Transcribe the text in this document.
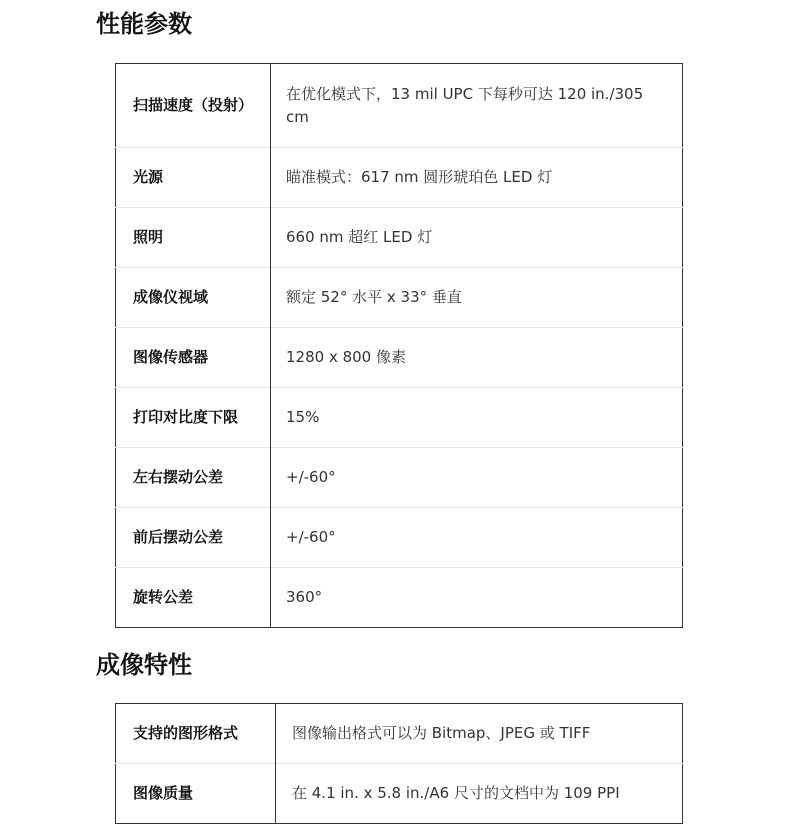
性能参数
扫描速度（投射）	在优化模式下，13 mil UPC 下每秒可达 120 in./305 cm
光源	瞄准模式：617 nm 圆形琥珀色 LED 灯
照明	660 nm 超红 LED 灯
成像仪视域	额定 52° 水平 x 33° 垂直
图像传感器	1280 x 800 像素
打印对比度下限	15%
左右摆动公差	+/-60°
前后摆动公差	+/-60°
旋转公差	360°
成像特性
支持的图形格式	图像输出格式可以为 Bitmap、JPEG 或 TIFF
图像质量	在 4.1 in. x 5.8 in./A6 尺寸的文档中为 109 PPI
